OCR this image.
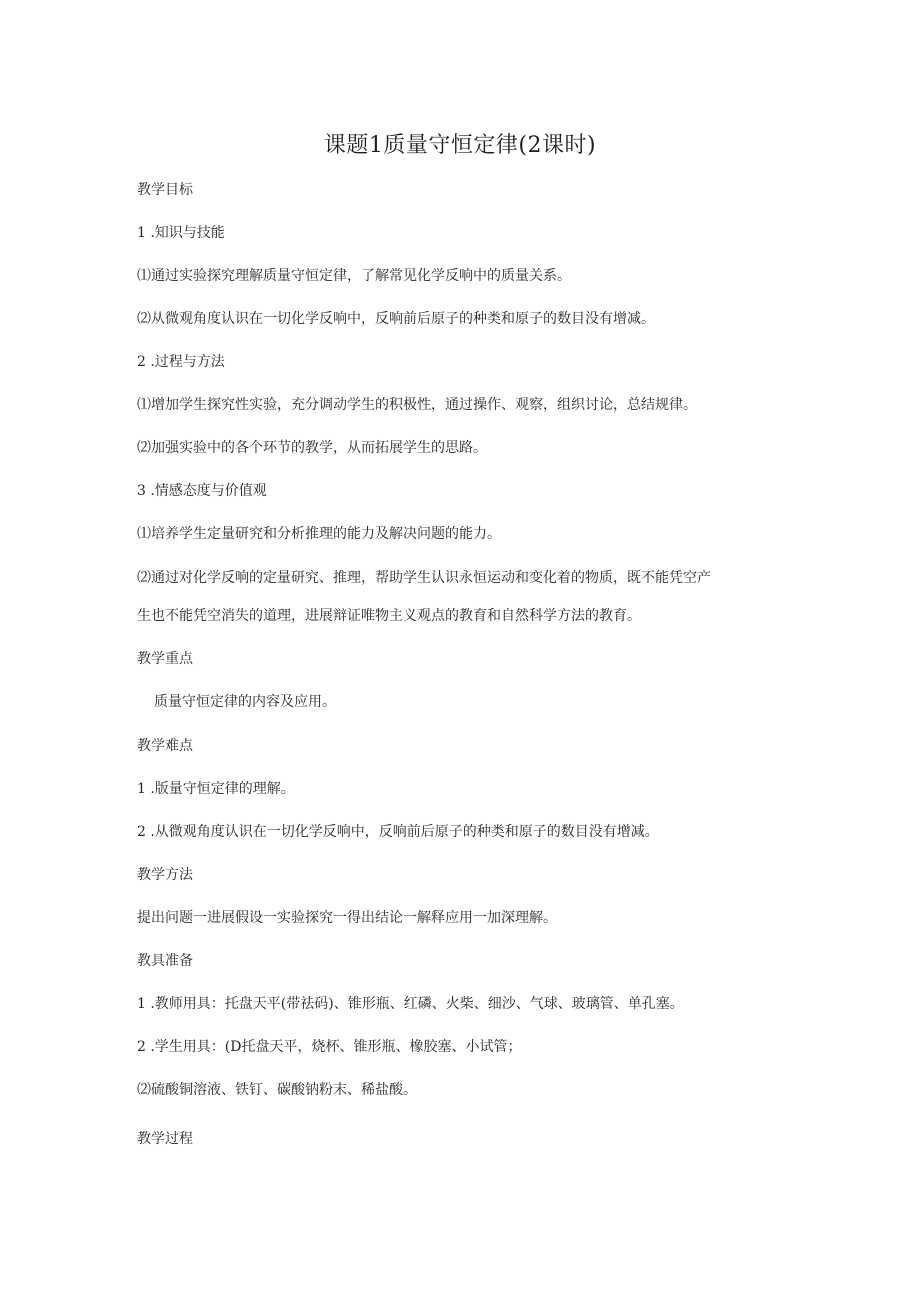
课题1质量守恒定律(2课时)
教学目标
1 .知识与技能
⑴通过实验探究理解质量守恒定律，了解常见化学反响中的质量关系。
⑵从微观角度认识在一切化学反响中，反响前后原子的种类和原子的数目没有增减。
2 .过程与方法
⑴增加学生探究性实验，充分调动学生的积极性，通过操作、观察，组织讨论，总结规律。
⑵加强实验中的各个环节的教学，从而拓展学生的思路。
3 .情感态度与价值观
⑴培养学生定量研究和分析推理的能力及解决问题的能力。
⑵通过对化学反响的定量研究、推理，帮助学生认识永恒运动和变化着的物质，既不能凭空产
生也不能凭空消失的道理，进展辩证唯物主义观点的教育和自然科学方法的教育。
教学重点
质量守恒定律的内容及应用。
教学难点
1 .版量守恒定律的理解。
2 .从微观角度认识在一切化学反响中，反响前后原子的种类和原子的数目没有增减。
教学方法
提出问题一进展假设一实验探究一得出结论一解释应用一加深理解。
教具准备
1 .教师用具：托盘天平(带祛码)、锥形瓶、红磷、火柴、细沙、气球、玻璃管、单孔塞。
2 .学生用具：(D托盘天平，烧杯、锥形瓶、橡胶塞、小试管；
⑵硫酸铜溶液、铁钉、碳酸钠粉末、稀盐酸。
教学过程
